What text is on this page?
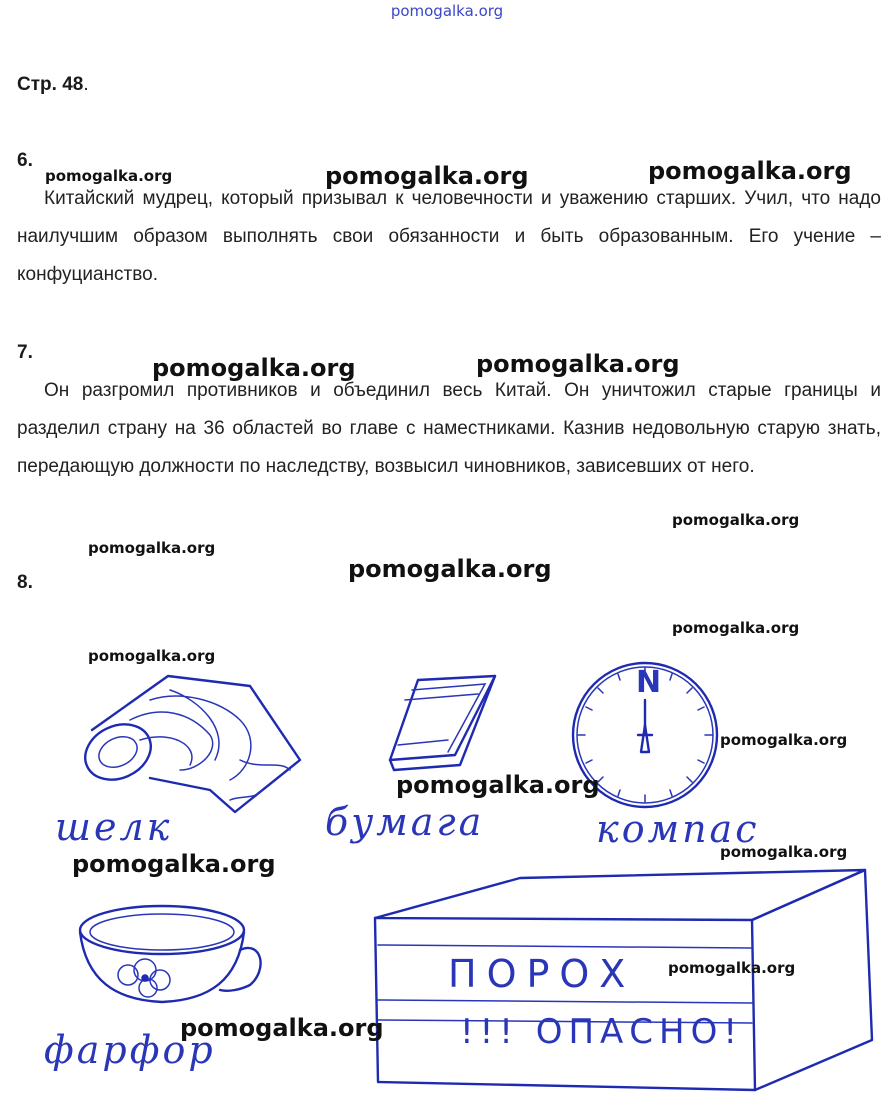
pomogalka.org
Стр. 48.
6.
Китайский мудрец, который призывал к человечности и уважению старших. Учил, что надо наилучшим образом выполнять свои обязанности и быть образованным. Его учение – конфуцианство.
7.
Он разгромил противников и объединил весь Китай. Он уничтожил старые границы и разделил страну на 36 областей во главе с наместниками. Казнив недовольную старую знать, передающую должности по наследству, возвысил чиновников, зависевших от него.
8.
шелк	бумага	компас
фарфор
N
ПОРОХ
!!! ОПАСНО!
pomogalka.org	pomogalka.org	pomogalka.org
pomogalka.org	pomogalka.org
pomogalka.org
pomogalka.org
pomogalka.org
pomogalka.org
pomogalka.org
pomogalka.org
pomogalka.org
pomogalka.org
pomogalka.org
pomogalka.org
pomogalka.org
